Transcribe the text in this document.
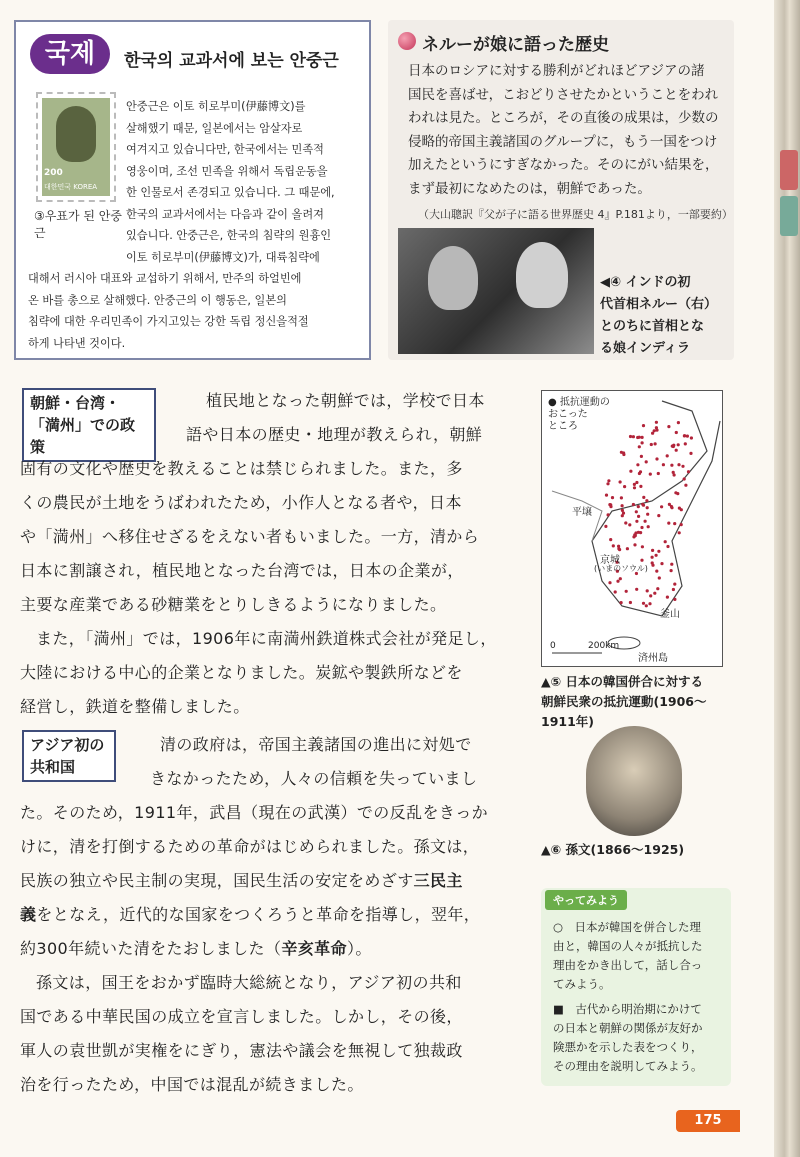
국제	한국의 교과서에 보는 안중근
200
대한민국 KOREA
③우표가 된 안중근
안중근은 이토 히로부미(伊藤博文)를
살해했기 때문, 일본에서는 암살자로
여겨지고 있습니다만, 한국에서는 민족적
영웅이며, 조선 민족을 위해서 독립운동을
한 인물로서 존경되고 있습니다. 그 때문에,
한국의 교과서에서는 다음과 같이 올려져
있습니다. 안중근은, 한국의 침략의 원흉인
이토 히로부미(伊藤博文)가, 대륙침략에
대해서 러시아 대표와 교섭하기 위해서, 만주의 하얼빈에
온 바를 총으로 살해했다. 안중근의 이 행동은, 일본의
침략에 대한 우리민족이 가지고있는 강한 독립 정신을적절
하게 나타낸 것이다.
ネルーが娘に語った歴史
日本のロシアに対する勝利がどれほどアジアの諸
国民を喜ばせ，こおどりさせたかということをわれ
われは見た。ところが，その直後の成果は，少数の
侵略的帝国主義諸国のグループに，もう一国をつけ
加えたというにすぎなかった。そのにがい結果を，
まず最初になめたのは，朝鮮であった。
（大山聰訳『父が子に語る世界歴史 4』P.181より，一部要約）
◀④ インドの初
代首相ネルー（右）
とのちに首相とな
る娘インディラ
朝鮮・台湾・
「満州」での政策
植民地となった朝鮮では，学校で日本
語や日本の歴史・地理が教えられ，朝鮮
固有の文化や歴史を教えることは禁じられました。また，多
くの農民が土地をうばわれたため，小作人となる者や，日本
や「満州」へ移住せざるをえない者もいました。一方，清から
日本に割譲され，植民地となった台湾では，日本の企業が，
主要な産業である砂糖業をとりしきるようになりました。
また，「満州」では，1906年に南満州鉄道株式会社が発足し，
大陸における中心的企業となりました。炭鉱や製鉄所などを
経営し，鉄道を整備しました。
アジア初の
共和国
清の政府は，帝国主義諸国の進出に対処で
きなかったため，人々の信頼を失っていまし
た。そのため，1911年，武昌（現在の武漢）での反乱をきっか
けに，清を打倒するための革命がはじめられました。孫文は，
民族の独立や民主制の実現，国民生活の安定をめざす三民主
義をとなえ，近代的な国家をつくろうと革命を指導し，翌年，
約300年続いた清をたおしました（辛亥革命）。
孫文は，国王をおかず臨時大総統となり，アジア初の共和
国である中華民国の成立を宣言しました。しかし，その後，
軍人の袁世凱が実権をにぎり，憲法や議会を無視して独裁政
治を行ったため，中国では混乱が続きました。
● 抵抗運動の
おこった
ところ
平壌
京城
(いまのソウル)
釜山
済州島
0	200km
▲⑤ 日本の韓国併合に対する
朝鮮民衆の抵抗運動(1906〜
1911年)
▲⑥ 孫文(1866〜1925)
やってみよう
○　日本が韓国を併合した理
由と，韓国の人々が抵抗した
理由をかき出して，話し合っ
てみよう。
■　古代から明治期にかけて
の日本と朝鮮の関係が友好か
険悪かを示した表をつくり，
その理由を説明してみよう。
175
